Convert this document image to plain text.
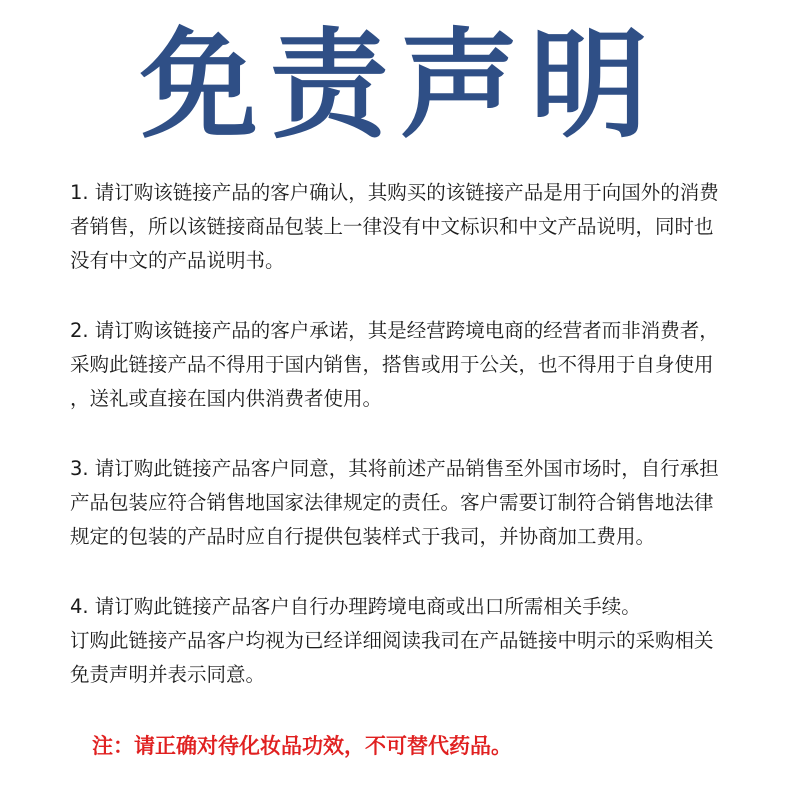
免责声明
1. 请订购该链接产品的客户确认，其购买的该链接产品是用于向国外的消费
者销售，所以该链接商品包装上一律没有中文标识和中文产品说明，同时也
没有中文的产品说明书。
2. 请订购该链接产品的客户承诺，其是经营跨境电商的经营者而非消费者，
采购此链接产品不得用于国内销售，搭售或用于公关，也不得用于自身使用
，送礼或直接在国内供消费者使用。
3. 请订购此链接产品客户同意，其将前述产品销售至外国市场时，自行承担
产品包装应符合销售地国家法律规定的责任。客户需要订制符合销售地法律
规定的包装的产品时应自行提供包装样式于我司，并协商加工费用。
4. 请订购此链接产品客户自行办理跨境电商或出口所需相关手续。
订购此链接产品客户均视为已经详细阅读我司在产品链接中明示的采购相关
免责声明并表示同意。
注：请正确对待化妆品功效，不可替代药品。
